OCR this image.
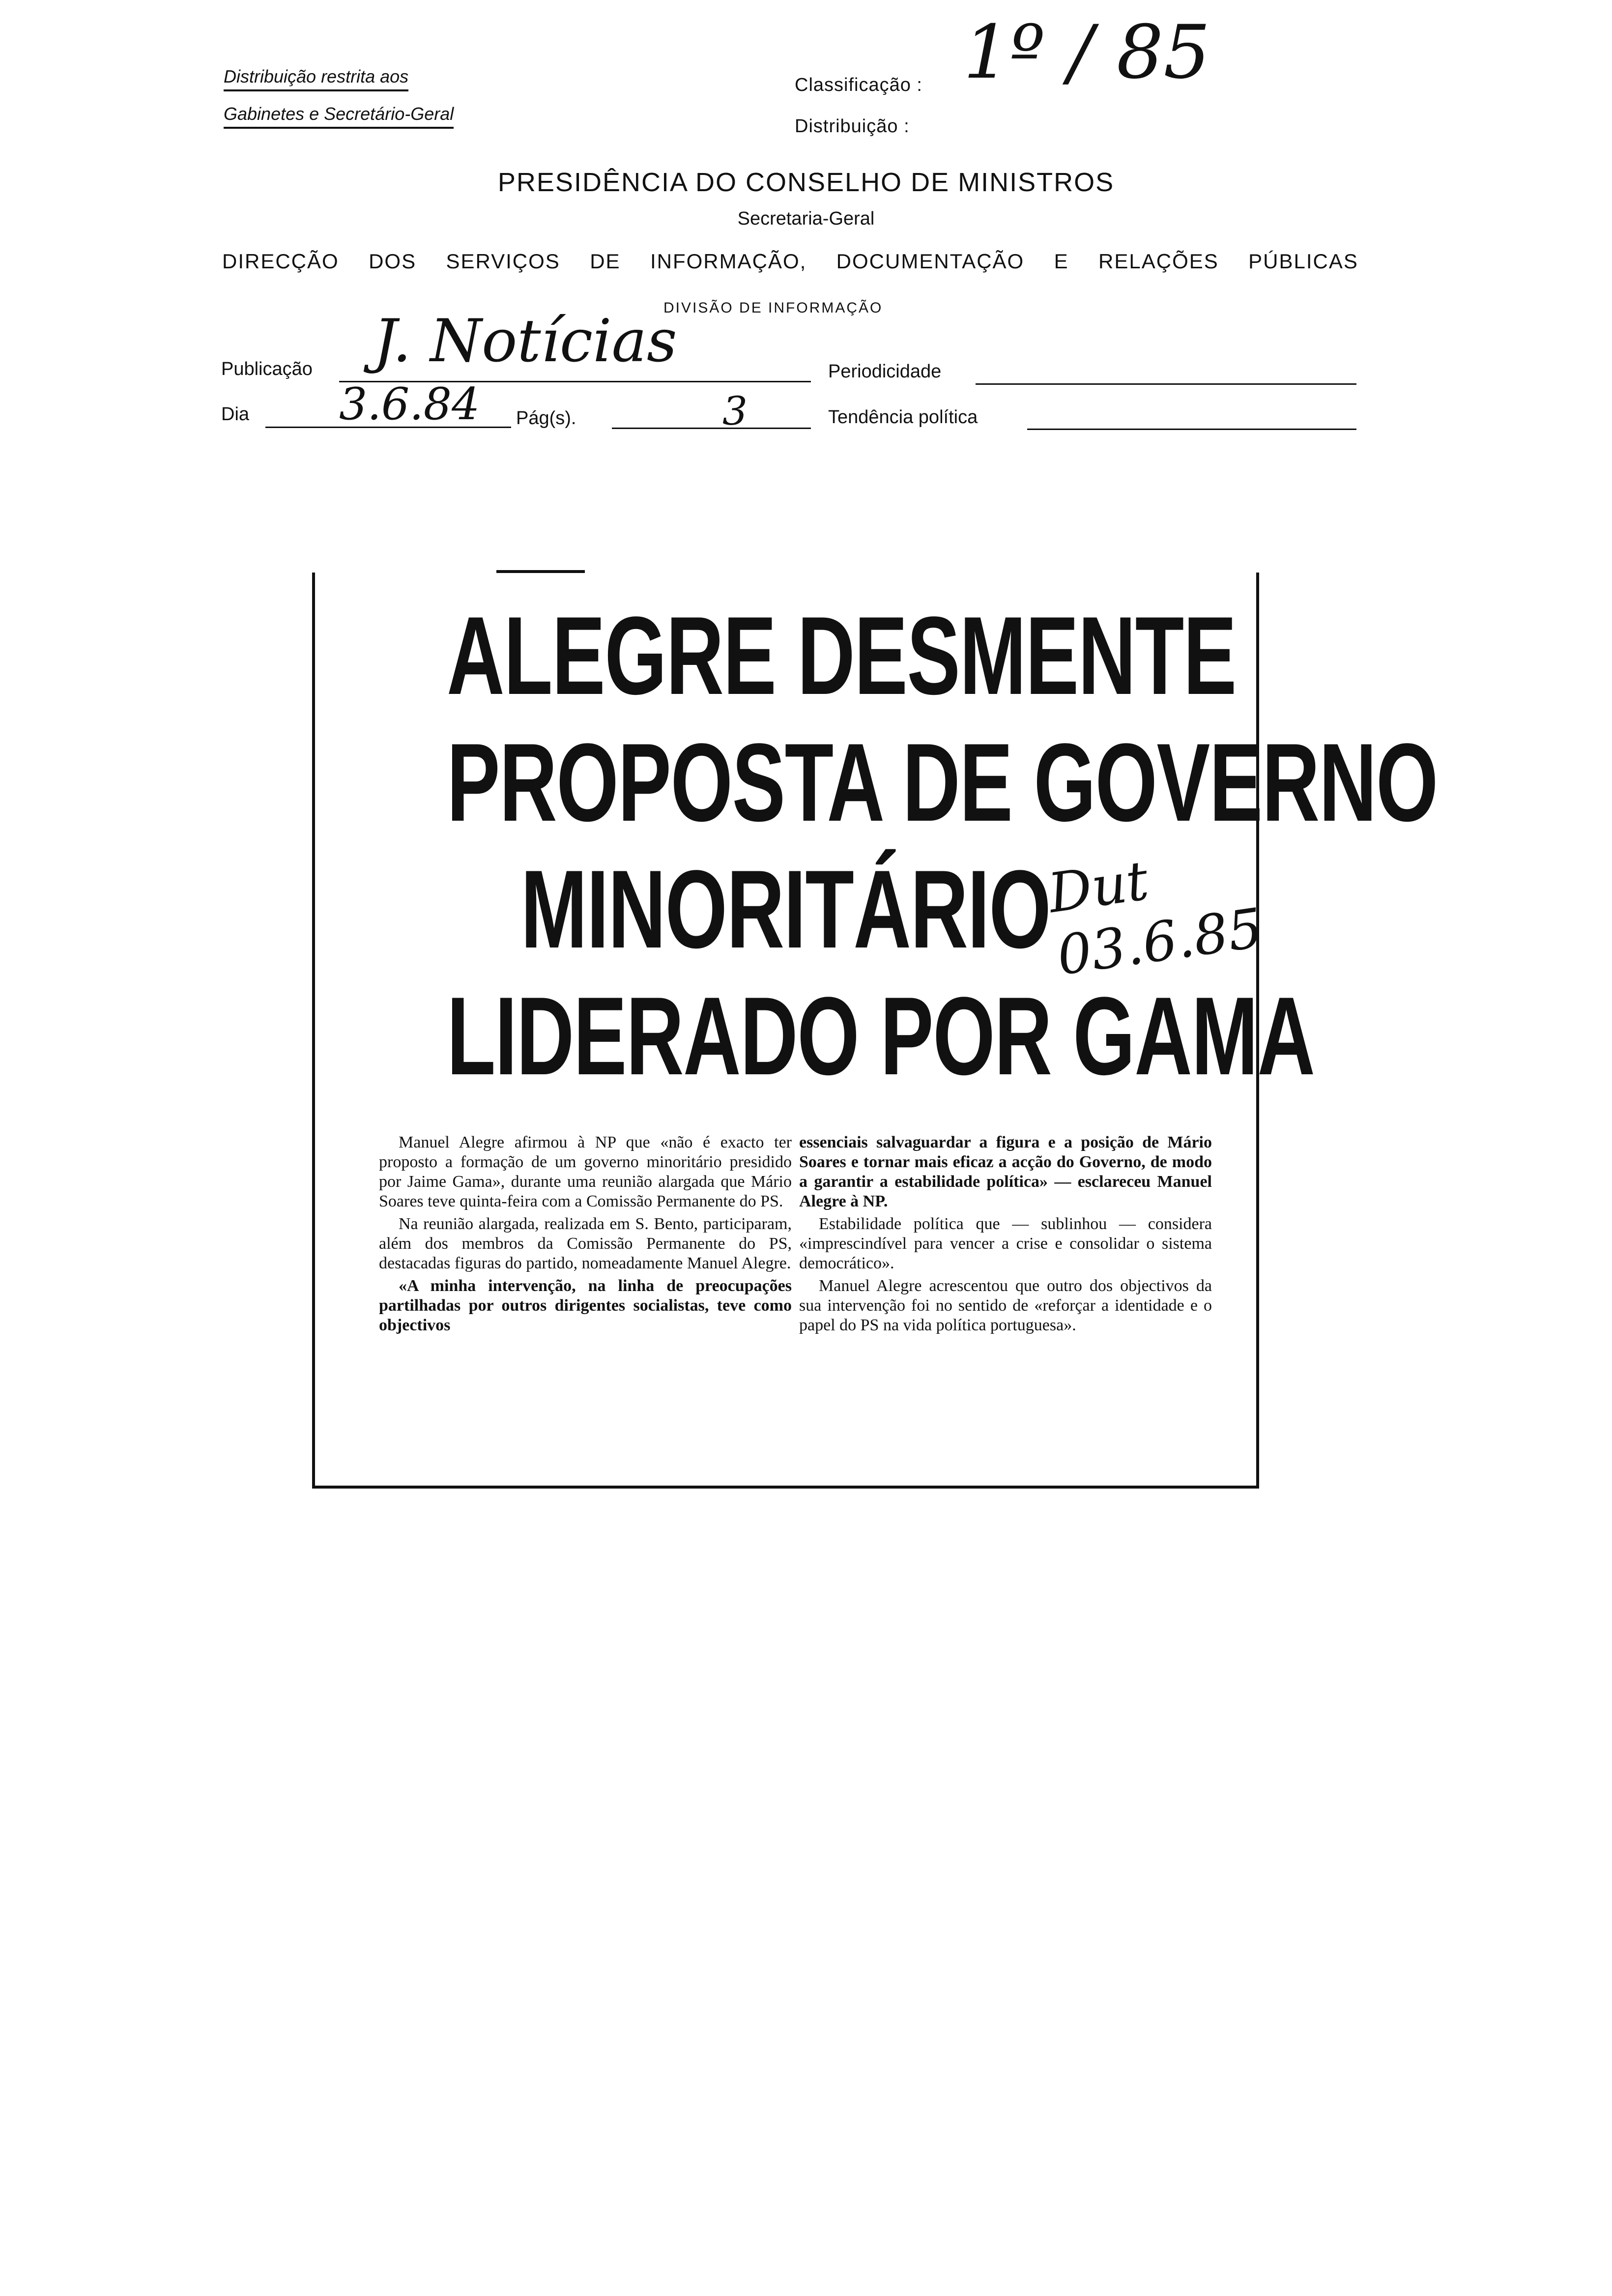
Distribuição restrita aos
Gabinetes e Secretário-Geral
Classificação :
Distribuição :
1º / 85
PRESIDÊNCIA DO CONSELHO DE MINISTROS
Secretaria-Geral
DIRECÇÃO DOS SERVIÇOS DE INFORMAÇÃO, DOCUMENTAÇÃO E RELAÇÕES PÚBLICAS
DIVISÃO DE INFORMAÇÃO
Publicação J. Notícias	Periodicidade
Dia 3.6.84 Pág(s).	3	Tendência política
ALEGRE DESMENTE
PROPOSTA DE GOVERNO
MINORITÁRIO
LIDERADO POR GAMA
Dut 03.6.85

Manuel Alegre afirmou à NP que «não é exacto ter proposto a formação de um governo minoritário presidido por Jaime Gama», durante uma reunião alargada que Mário Soares teve quinta-feira com a Comissão Permanente do PS.

Na reunião alargada, realizada em S. Bento, participaram, além dos membros da Comissão Permanente do PS, destacadas figuras do partido, nomeadamente Manuel Alegre.

«A minha intervenção, na linha de preocupações partilhadas por outros dirigentes socialistas, teve como objectivos

essenciais salvaguardar a figura e a posição de Mário Soares e tornar mais eficaz a acção do Governo, de modo a garantir a estabilidade política» — esclareceu Manuel Alegre à NP.

Estabilidade política que — sublinhou — considera «imprescindível para vencer a crise e consolidar o sistema democrático».

Manuel Alegre acrescentou que outro dos objectivos da sua intervenção foi no sentido de «reforçar a identidade e o papel do PS na vida política portuguesa».
